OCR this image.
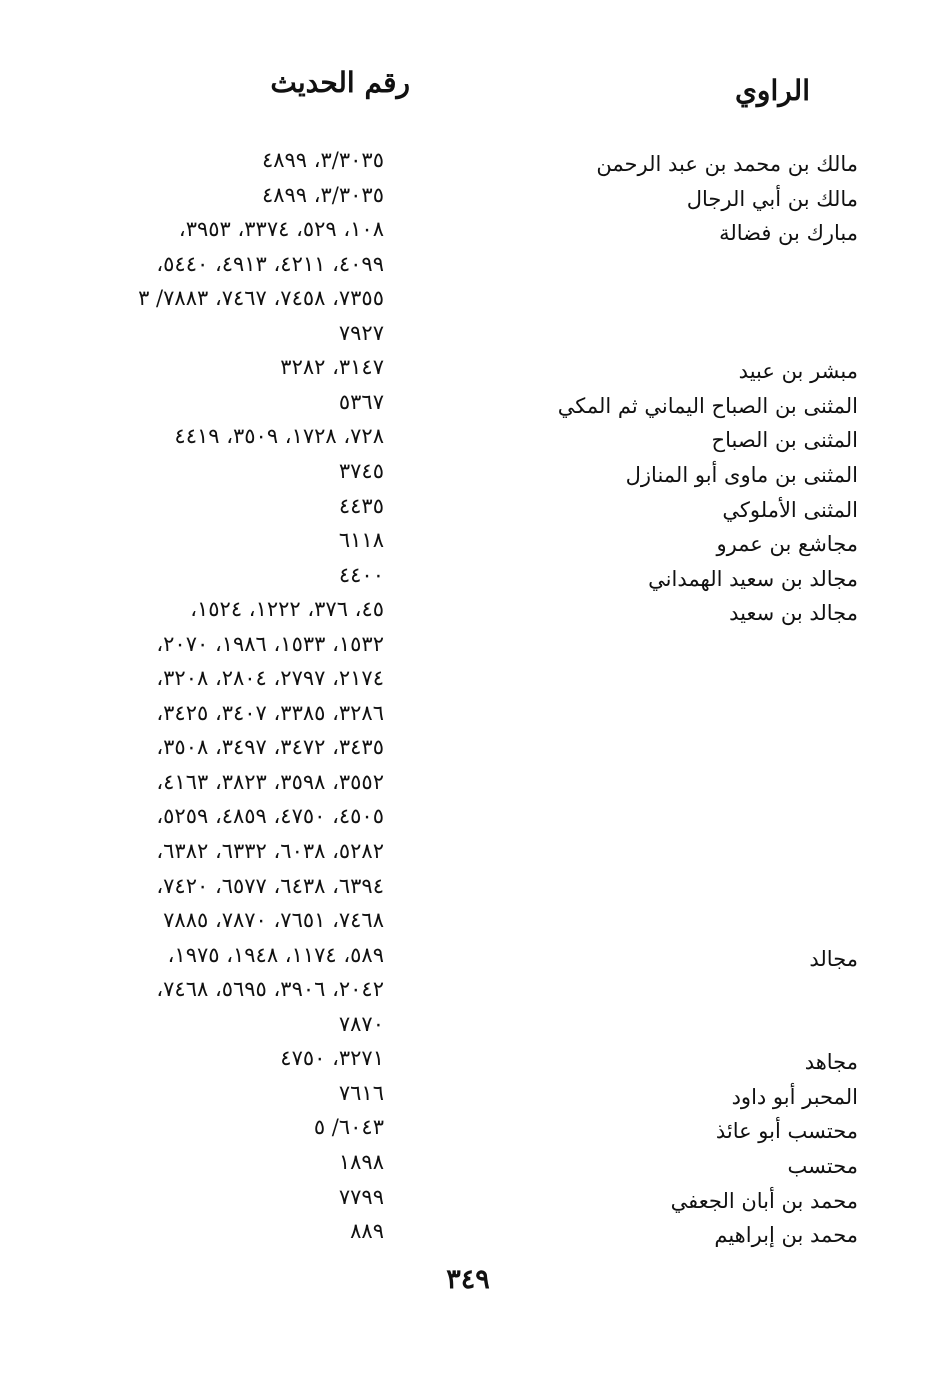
الراوي
رقم الحديث
مالك بن محمد بن عبد الرحمن
مالك بن أبي الرجال
مبارك بن فضالة
مبشر بن عبيد
المثنى بن الصباح اليماني ثم المكي
المثنى بن الصباح
المثنى بن ماوى أبو المنازل
المثنى الأملوكي
مجاشع بن عمرو
مجالد بن سعيد الهمداني
مجالد بن سعيد
مجالد
مجاهد
المحبر أبو داود
محتسب أبو عائذ
محتسب
محمد بن أبان الجعفي
محمد بن إبراهيم
٣/٣٠٣٥، ٤٨٩٩
٣/٣٠٣٥، ٤٨٩٩
١٠٨، ٥٢٩، ٣٣٧٤، ٣٩٥٣،
٤٠٩٩، ٤٢١١، ٤٩١٣، ٥٤٤٠،
٧٣٥٥، ٧٤٥٨، ٧٤٦٧، ٧٨٨٣/ ٣
٧٩٢٧
٣١٤٧، ٣٢٨٢
٥٣٦٧
٧٢٨، ١٧٢٨، ٣٥٠٩، ٤٤١٩
٣٧٤٥
٤٤٣٥
٦١١٨
٤٤٠٠
٤٥، ٣٧٦، ١٢٢٢، ١٥٢٤،
١٥٣٢، ١٥٣٣، ١٩٨٦، ٢٠٧٠،
٢١٧٤، ٢٧٩٧، ٢٨٠٤، ٣٢٠٨،
٣٢٨٦، ٣٣٨٥، ٣٤٠٧، ٣٤٢٥،
٣٤٣٥، ٣٤٧٢، ٣٤٩٧، ٣٥٠٨،
٣٥٥٢، ٣٥٩٨، ٣٨٢٣، ٤١٦٣،
٤٥٠٥، ٤٧٥٠، ٤٨٥٩، ٥٢٥٩،
٥٢٨٢، ٦٠٣٨، ٦٣٣٢، ٦٣٨٢،
٦٣٩٤، ٦٤٣٨، ٦٥٧٧، ٧٤٢٠،
٧٤٦٨، ٧٦٥١، ٧٨٧٠، ٧٨٨٥
٥٨٩، ١١٧٤، ١٩٤٨، ١٩٧٥،
٢٠٤٢، ٣٩٠٦، ٥٦٩٥، ٧٤٦٨،
٧٨٧٠
٣٢٧١، ٤٧٥٠
٧٦١٦
٦٠٤٣/ ٥
١٨٩٨
٧٧٩٩
٨٨٩
٣٤٩
